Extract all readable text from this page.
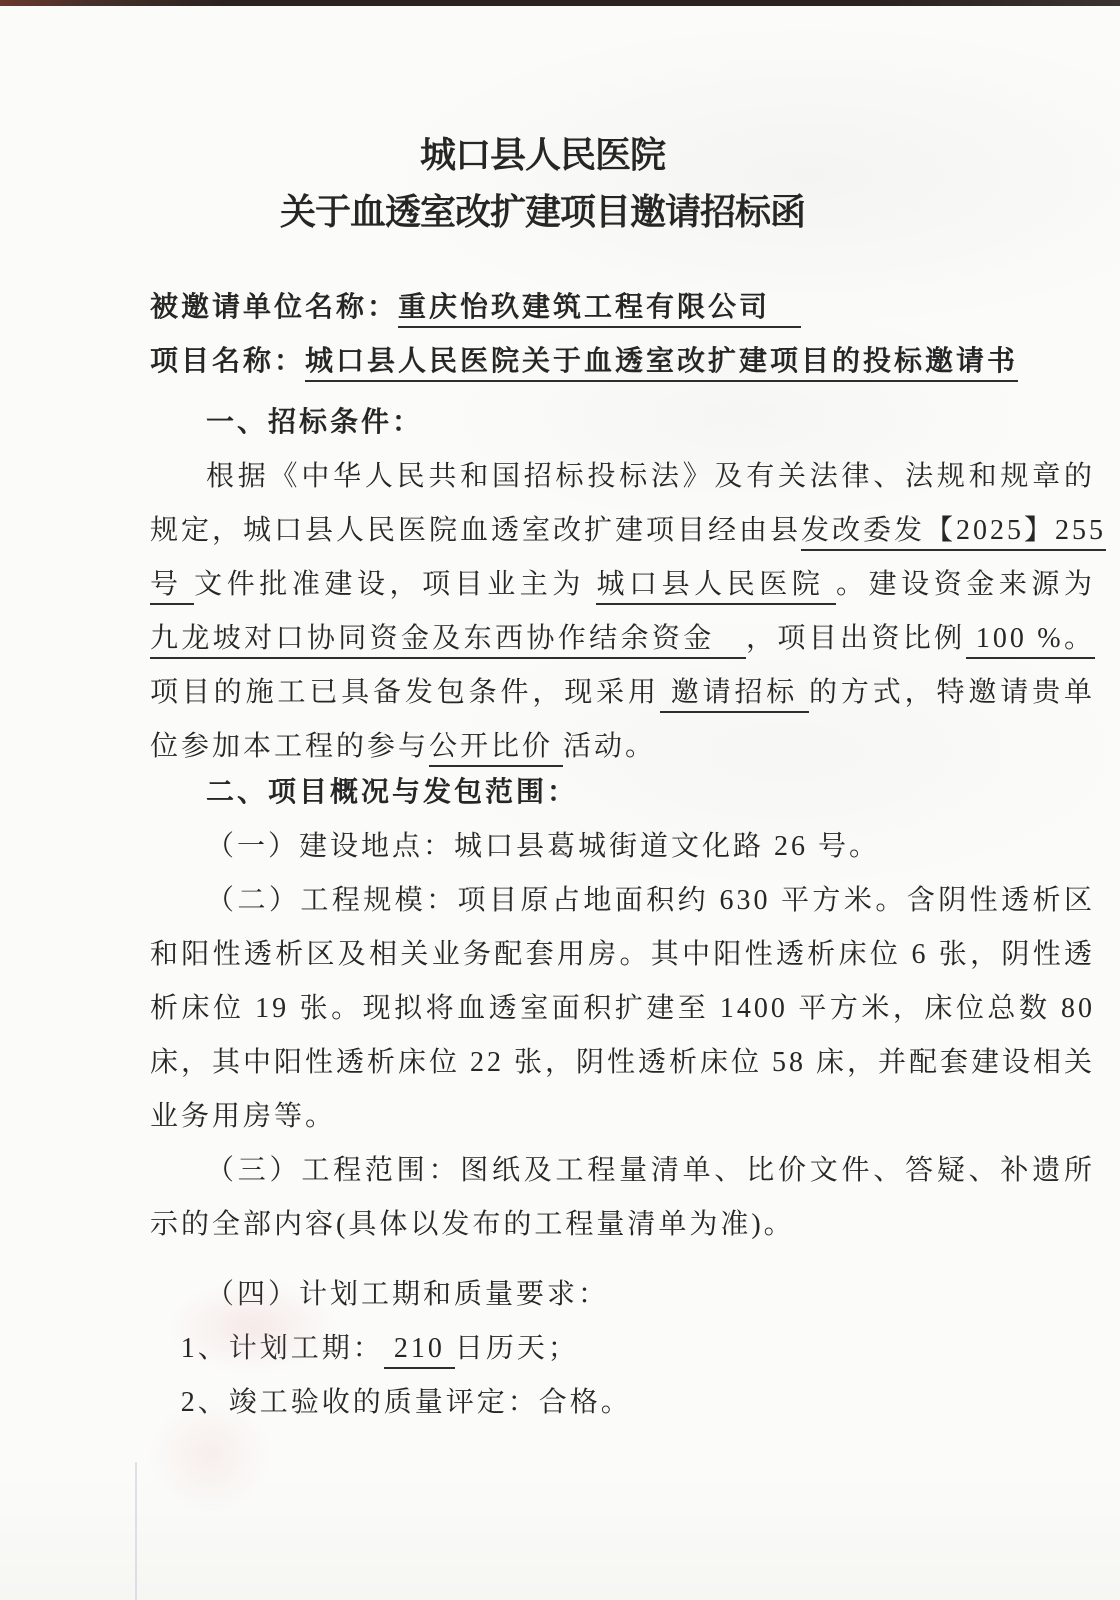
城口县人民医院
关于血透室改扩建项目邀请招标函
被邀请单位名称：重庆怡玖建筑工程有限公司　
项目名称：城口县人民医院关于血透室改扩建项目的投标邀请书
一、招标条件：
根据《中华人民共和国招标投标法》及有关法律、法规和规章的
规定，城口县人民医院血透室改扩建项目经由县发改委发【2025】255
号 文件批准建设，项目业主为 城口县人民医院 。建设资金来源为
九龙坡对口协同资金及东西协作结余资金　，项目出资比例 100 %。
项目的施工已具备发包条件，现采用 邀请招标 的方式，特邀请贵单
位参加本工程的参与公开比价 活动。
二、项目概况与发包范围：
（一）建设地点：城口县葛城街道文化路 26 号。
（二）工程规模：项目原占地面积约 630 平方米。含阴性透析区
和阳性透析区及相关业务配套用房。其中阳性透析床位 6 张，阴性透
析床位 19 张。现拟将血透室面积扩建至 1400 平方米，床位总数 80
床，其中阳性透析床位 22 张，阴性透析床位 58 床，并配套建设相关
业务用房等。
（三）工程范围：图纸及工程量清单、比价文件、答疑、补遗所
示的全部内容(具体以发布的工程量清单为准)。
（四）计划工期和质量要求：
1、计划工期： 210 日历天；
2、竣工验收的质量评定：合格。
